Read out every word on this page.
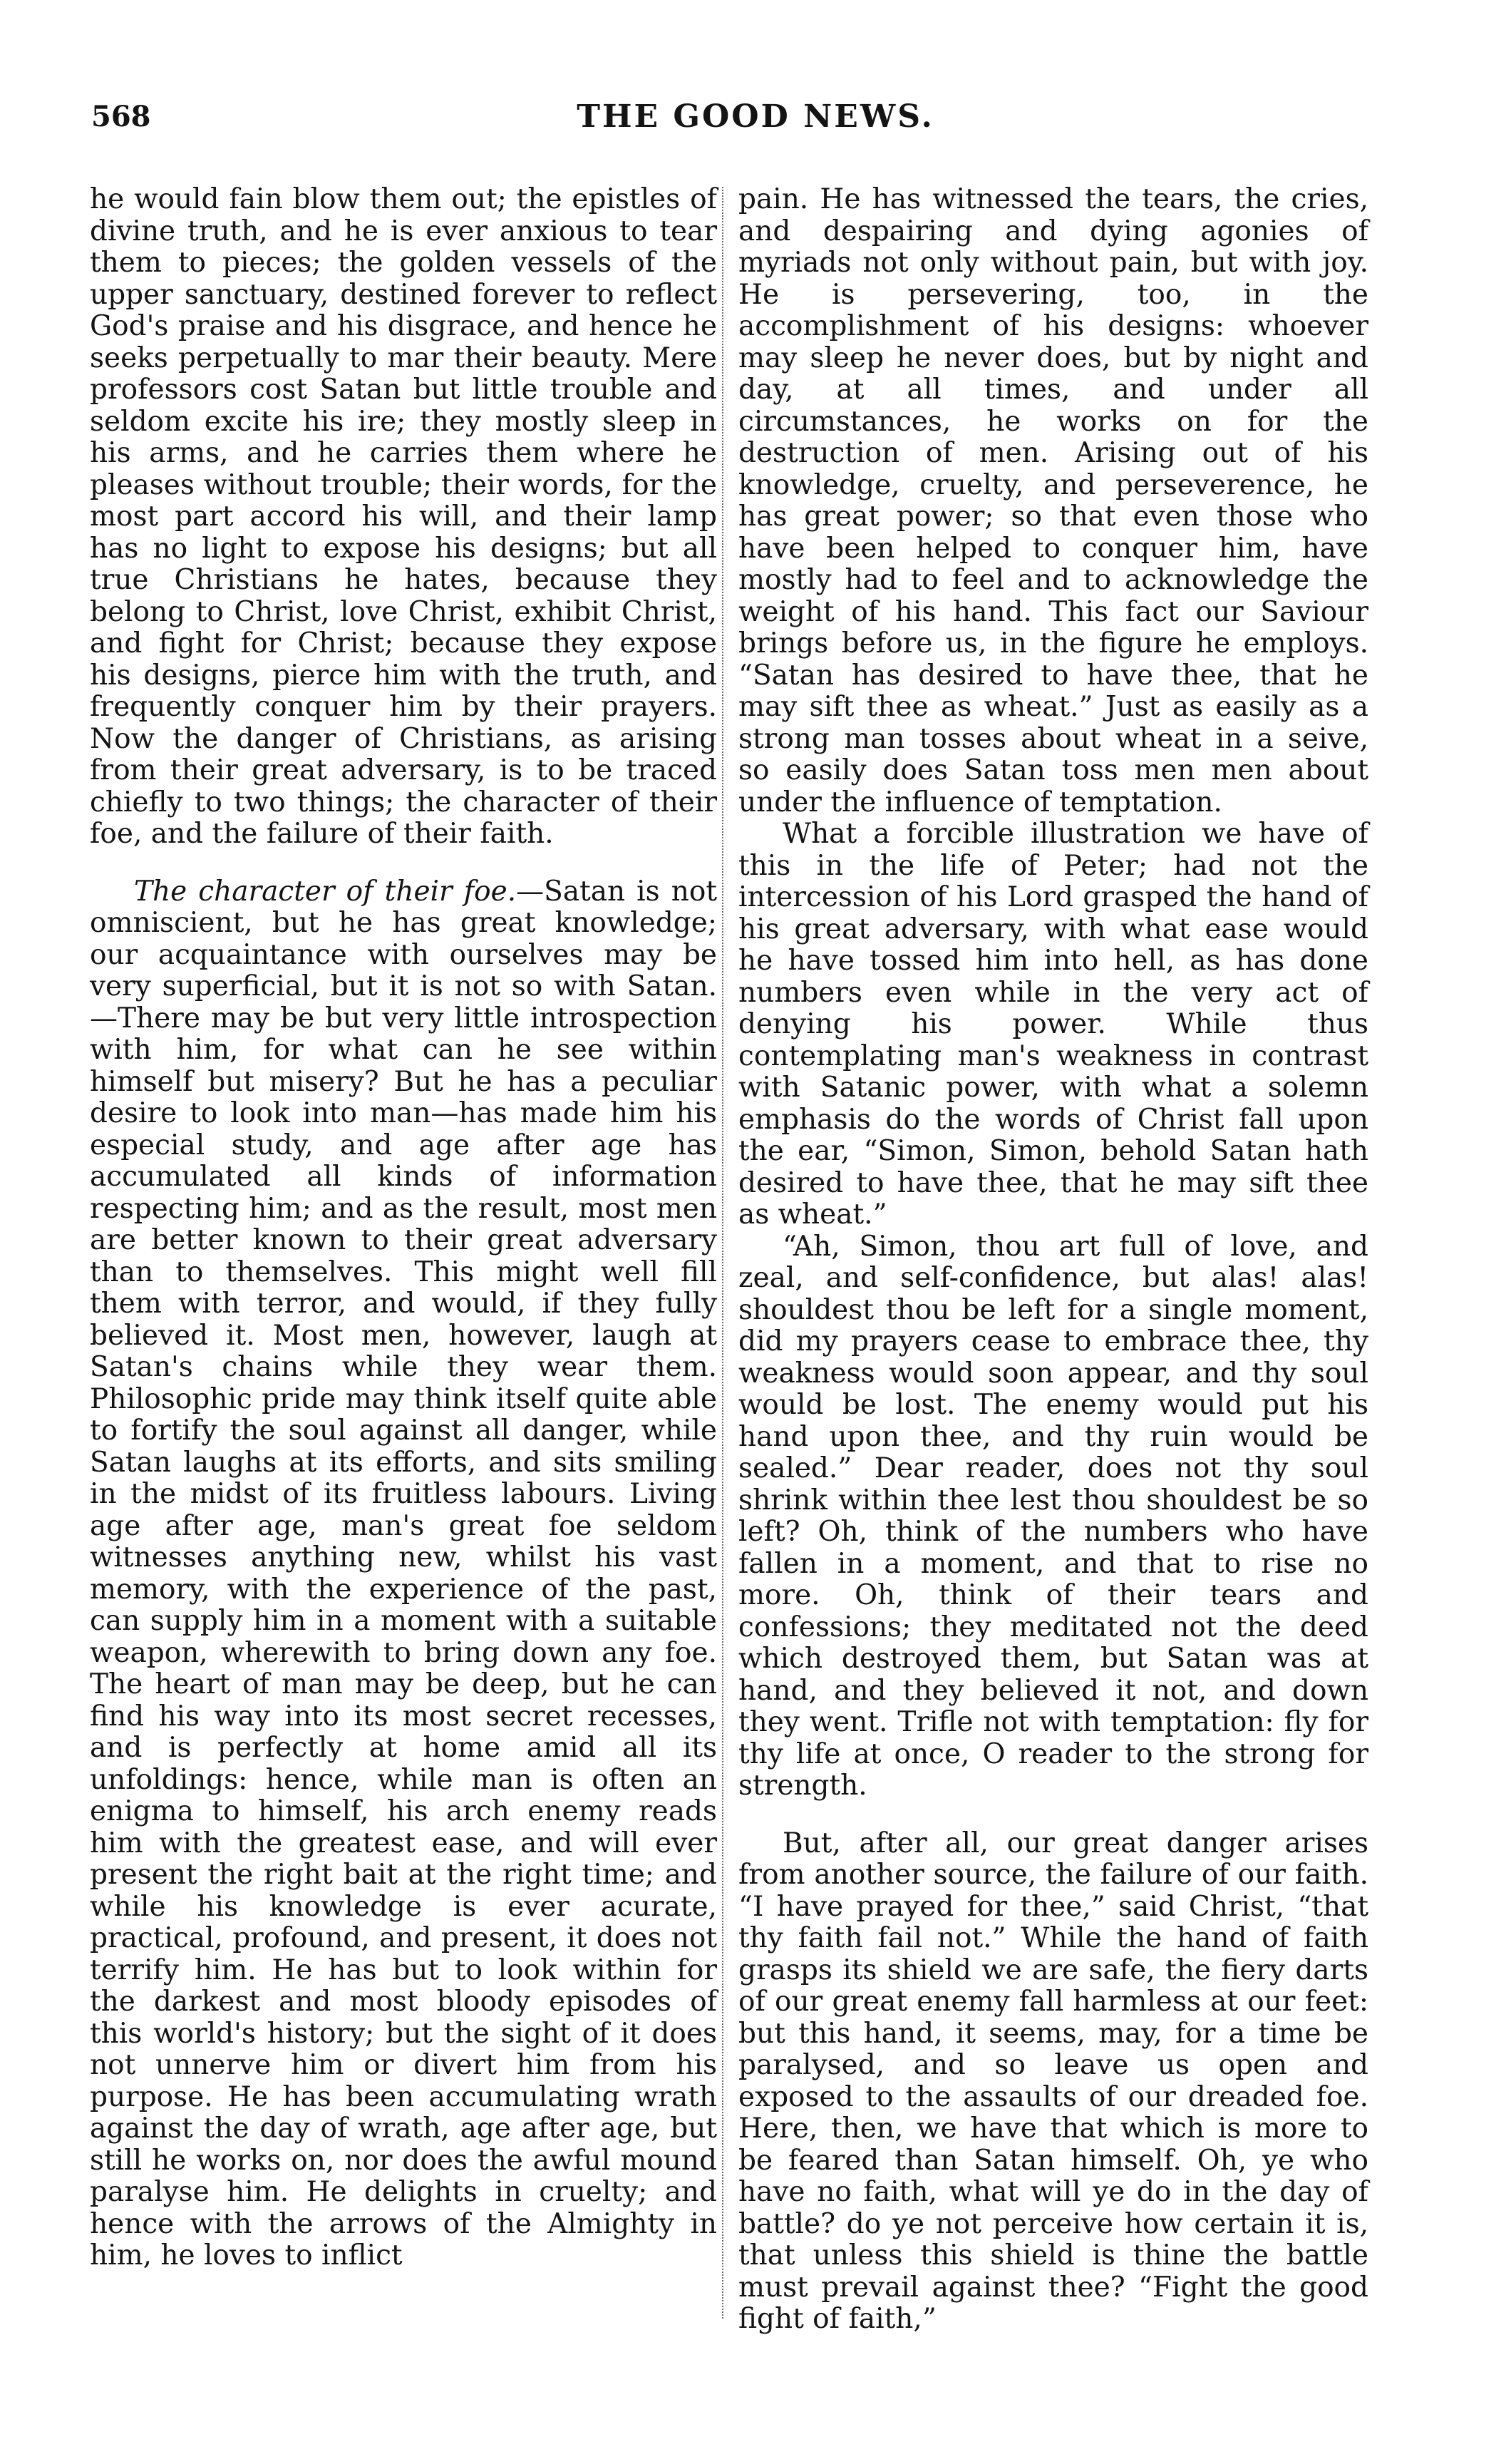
568	THE GOOD NEWS.

he would fain blow them out; the epistles of divine truth, and he is ever anxious to tear them to pieces; the golden vessels of the upper sanctuary, destined forever to reflect God's praise and his disgrace, and hence he seeks perpetually to mar their beauty. Mere professors cost Satan but little trouble and seldom excite his ire; they mostly sleep in his arms, and he carries them where he pleases without trouble; their words, for the most part accord his will, and their lamp has no light to expose his designs; but all true Christians he hates, because they belong to Christ, love Christ, exhibit Christ, and fight for Christ; because they expose his designs, pierce him with the truth, and frequently conquer him by their prayers. Now the danger of Christians, as arising from their great adversary, is to be traced chiefly to two things; the character of their foe, and the failure of their faith.

The character of their foe.—Satan is not omniscient, but he has great knowledge; our acquaintance with ourselves may be very superficial, but it is not so with Satan.—There may be but very little introspection with him, for what can he see within himself but misery? But he has a peculiar desire to look into man—has made him his especial study, and age after age has accumulated all kinds of information respecting him; and as the result, most men are better known to their great adversary than to themselves. This might well fill them with terror, and would, if they fully believed it. Most men, however, laugh at Satan's chains while they wear them. Philosophic pride may think itself quite able to fortify the soul against all danger, while Satan laughs at its efforts, and sits smiling in the midst of its fruitless labours. Living age after age, man's great foe seldom witnesses anything new, whilst his vast memory, with the experience of the past, can supply him in a moment with a suitable weapon, wherewith to bring down any foe. The heart of man may be deep, but he can find his way into its most secret recesses, and is perfectly at home amid all its unfoldings: hence, while man is often an enigma to himself, his arch enemy reads him with the greatest ease, and will ever present the right bait at the right time; and while his knowledge is ever acurate, practical, profound, and present, it does not terrify him. He has but to look within for the darkest and most bloody episodes of this world's history; but the sight of it does not unnerve him or divert him from his purpose. He has been accumulating wrath against the day of wrath, age after age, but still he works on, nor does the awful mound paralyse him. He delights in cruelty; and hence with the arrows of the Almighty in him, he loves to inflict

pain. He has witnessed the tears, the cries, and despairing and dying agonies of myriads not only without pain, but with joy. He is persevering, too, in the accomplishment of his designs: whoever may sleep he never does, but by night and day, at all times, and under all circumstances, he works on for the destruction of men. Arising out of his knowledge, cruelty, and perseverence, he has great power; so that even those who have been helped to conquer him, have mostly had to feel and to acknowledge the weight of his hand. This fact our Saviour brings before us, in the figure he employs. “Satan has desired to have thee, that he may sift thee as wheat.” Just as easily as a strong man tosses about wheat in a seive, so easily does Satan toss men men about under the influence of temptation.

What a forcible illustration we have of this in the life of Peter; had not the intercession of his Lord grasped the hand of his great adversary, with what ease would he have tossed him into hell, as has done numbers even while in the very act of denying his power. While thus contemplating man's weakness in contrast with Satanic power, with what a solemn emphasis do the words of Christ fall upon the ear, “Simon, Simon, behold Satan hath desired to have thee, that he may sift thee as wheat.”

“Ah, Simon, thou art full of love, and zeal, and self-confidence, but alas! alas! shouldest thou be left for a single moment, did my prayers cease to embrace thee, thy weakness would soon appear, and thy soul would be lost. The enemy would put his hand upon thee, and thy ruin would be sealed.” Dear reader, does not thy soul shrink within thee lest thou shouldest be so left? Oh, think of the numbers who have fallen in a moment, and that to rise no more. Oh, think of their tears and confessions; they meditated not the deed which destroyed them, but Satan was at hand, and they believed it not, and down they went. Trifle not with temptation: fly for thy life at once, O reader to the strong for strength.

But, after all, our great danger arises from another source, the failure of our faith. “I have prayed for thee,” said Christ, “that thy faith fail not.” While the hand of faith grasps its shield we are safe, the fiery darts of our great enemy fall harmless at our feet: but this hand, it seems, may, for a time be paralysed, and so leave us open and exposed to the assaults of our dreaded foe. Here, then, we have that which is more to be feared than Satan himself. Oh, ye who have no faith, what will ye do in the day of battle? do ye not perceive how certain it is, that unless this shield is thine the battle must prevail against thee? “Fight the good fight of faith,”
